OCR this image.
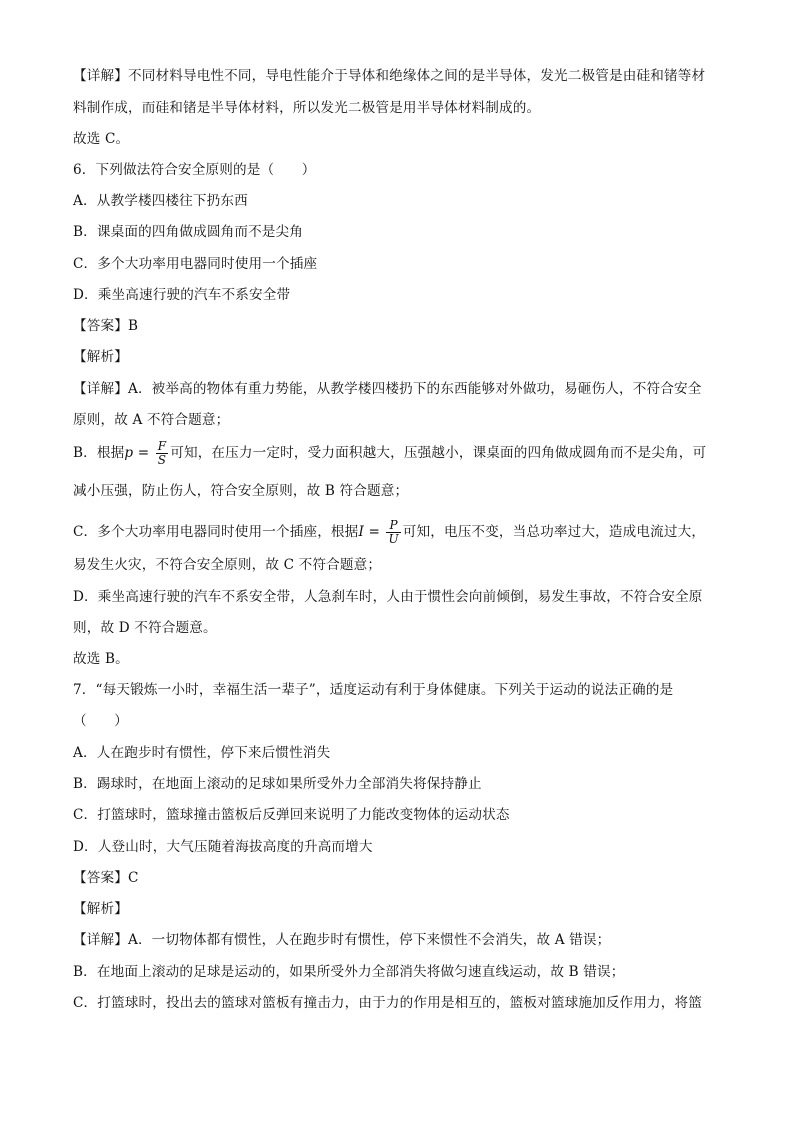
【详解】不同材料导电性不同，导电性能介于导体和绝缘体之间的是半导体，发光二极管是由硅和锗等材
料制作成，而硅和锗是半导体材料，所以发光二极管是用半导体材料制成的。
故选 C。
6．下列做法符合安全原则的是（　　）
A．从教学楼四楼往下扔东西
B．课桌面的四角做成圆角而不是尖角
C．多个大功率用电器同时使用一个插座
D．乘坐高速行驶的汽车不系安全带
【答案】B
【解析】
【详解】A．被举高的物体有重力势能，从教学楼四楼扔下的东西能够对外做功，易砸伤人，不符合安全
原则，故 A 不符合题意；
B．根据$p = \frac{F}{S}$ 可知，在压力一定时，受力面积越大，压强越小，课桌面的四角做成圆角而不是尖角，可
减小压强，防止伤人，符合安全原则，故 B 符合题意；
C．多个大功率用电器同时使用一个插座，根据$I = \frac{P}{U}$ 可知，电压不变，当总功率过大，造成电流过大，
易发生火灾，不符合安全原则，故 C 不符合题意；
D．乘坐高速行驶的汽车不系安全带，人急刹车时，人由于惯性会向前倾倒，易发生事故，不符合安全原
则，故 D 不符合题意。
故选 B。
7．“每天锻炼一小时，幸福生活一辈子”，适度运动有利于身体健康。下列关于运动的说法正确的是
（　　）
A．人在跑步时有惯性，停下来后惯性消失
B．踢球时，在地面上滚动的足球如果所受外力全部消失将保持静止
C．打篮球时，篮球撞击篮板后反弹回来说明了力能改变物体的运动状态
D．人登山时，大气压随着海拔高度的升高而增大
【答案】C
【解析】
【详解】A．一切物体都有惯性，人在跑步时有惯性，停下来惯性不会消失，故 A 错误；
B．在地面上滚动的足球是运动的，如果所受外力全部消失将做匀速直线运动，故 B 错误；
C．打篮球时，投出去的篮球对篮板有撞击力，由于力的作用是相互的，篮板对篮球施加反作用力，将篮
